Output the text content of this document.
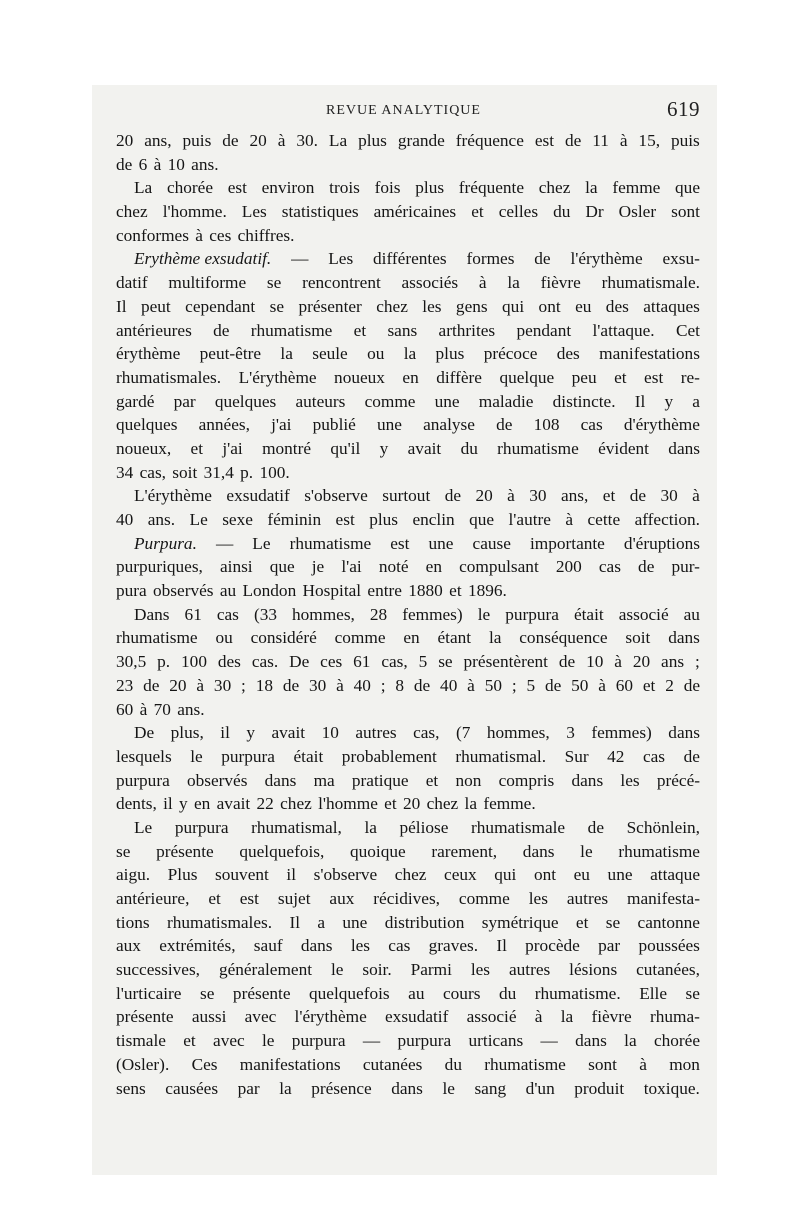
REVUE ANALYTIQUE	619
20 ans, puis de 20 à 30. La plus grande fréquence est de 11 à 15, puis
de 6 à 10 ans.
La chorée est environ trois fois plus fréquente chez la femme que
chez l'homme. Les statistiques américaines et celles du Dr Osler sont
conformes à ces chiffres.
Erythème exsudatif. — Les différentes formes de l'érythème exsu-
datif multiforme se rencontrent associés à la fièvre rhumatismale.
Il peut cependant se présenter chez les gens qui ont eu des attaques
antérieures de rhumatisme et sans arthrites pendant l'attaque. Cet
érythème peut-être la seule ou la plus précoce des manifestations
rhumatismales. L'érythème noueux en diffère quelque peu et est re-
gardé par quelques auteurs comme une maladie distincte. Il y a
quelques années, j'ai publié une analyse de 108 cas d'érythème
noueux, et j'ai montré qu'il y avait du rhumatisme évident dans
34 cas, soit 31,4 p. 100.
L'érythème exsudatif s'observe surtout de 20 à 30 ans, et de 30 à
40 ans. Le sexe féminin est plus enclin que l'autre à cette affection.
Purpura. — Le rhumatisme est une cause importante d'éruptions
purpuriques, ainsi que je l'ai noté en compulsant 200 cas de pur-
pura observés au London Hospital entre 1880 et 1896.
Dans 61 cas (33 hommes, 28 femmes) le purpura était associé au
rhumatisme ou considéré comme en étant la conséquence soit dans
30,5 p. 100 des cas. De ces 61 cas, 5 se présentèrent de 10 à 20 ans ;
23 de 20 à 30 ; 18 de 30 à 40 ; 8 de 40 à 50 ; 5 de 50 à 60 et 2 de
60 à 70 ans.
De plus, il y avait 10 autres cas, (7 hommes, 3 femmes) dans
lesquels le purpura était probablement rhumatismal. Sur 42 cas de
purpura observés dans ma pratique et non compris dans les précé-
dents, il y en avait 22 chez l'homme et 20 chez la femme.
Le purpura rhumatismal, la péliose rhumatismale de Schönlein,
se présente quelquefois, quoique rarement, dans le rhumatisme
aigu. Plus souvent il s'observe chez ceux qui ont eu une attaque
antérieure, et est sujet aux récidives, comme les autres manifesta-
tions rhumatismales. Il a une distribution symétrique et se cantonne
aux extrémités, sauf dans les cas graves. Il procède par poussées
successives, généralement le soir. Parmi les autres lésions cutanées,
l'urticaire se présente quelquefois au cours du rhumatisme. Elle se
présente aussi avec l'érythème exsudatif associé à la fièvre rhuma-
tismale et avec le purpura — purpura urticans — dans la chorée
(Osler). Ces manifestations cutanées du rhumatisme sont à mon
sens causées par la présence dans le sang d'un produit toxique.
